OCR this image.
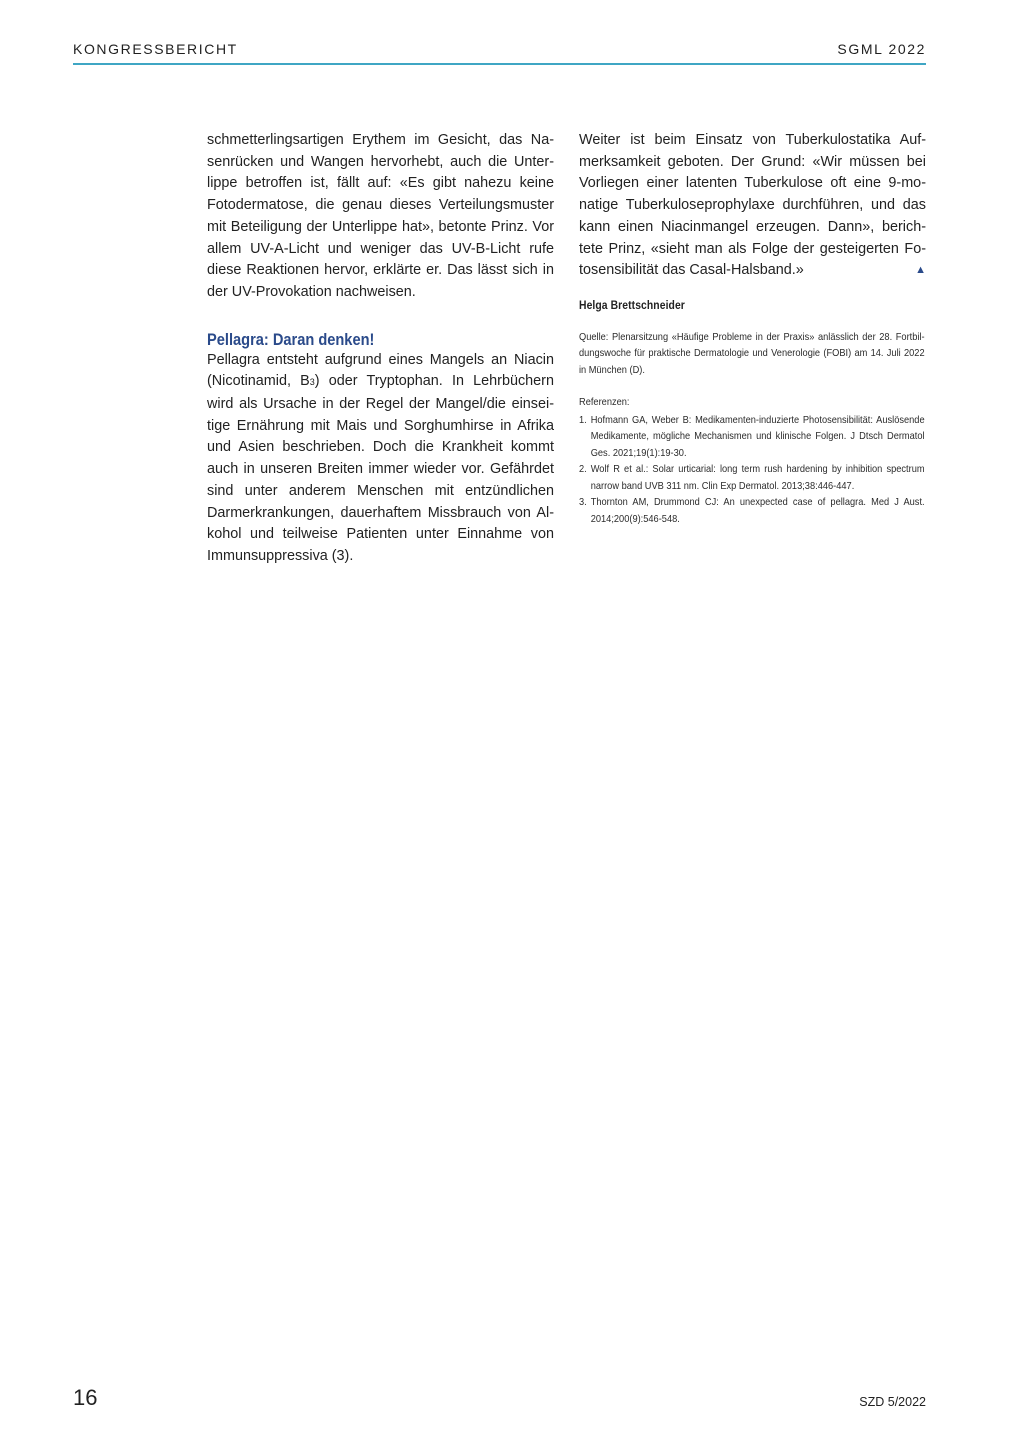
KONGRESSBERICHT	SGML 2022

schmetterlingsartigen Erythem im Gesicht, das Nasenrücken und Wangen hervorhebt, auch die Unterlippe betroffen ist, fällt auf: «Es gibt nahezu keine Fotodermatose, die genau dieses Verteilungsmuster mit Beteiligung der Unterlippe hat», betonte Prinz. Vor allem UV-A-Licht und weniger das UV-B-Licht rufe diese Reaktionen hervor, erklärte er. Das lässt sich in der UV-Provokation nachweisen.

Pellagra: Daran denken!

Pellagra entsteht aufgrund eines Mangels an Niacin (Nicotinamid, B3) oder Tryptophan. In Lehrbüchern wird als Ursache in der Regel der Mangel/die einseitige Ernährung mit Mais und Sorghumhirse in Afrika und Asien beschrieben. Doch die Krankheit kommt auch in unseren Breiten immer wieder vor. Gefährdet sind unter anderem Menschen mit entzündlichen Darmerkrankungen, dauerhaftem Missbrauch von Alkohol und teilweise Patienten unter Einnahme von Immunsuppressiva (3).

Weiter ist beim Einsatz von Tuberkulostatika Aufmerksamkeit geboten. Der Grund: «Wir müssen bei Vorliegen einer latenten Tuberkulose oft eine 9-monatige Tuberkuloseprophylaxe durchführen, und das kann einen Niacinmangel erzeugen. Dann», berichtete Prinz, «sieht man als Folge der gesteigerten Fotosensibilität das Casal-Halsband.»	▲

Helga Brettschneider

Quelle: Plenarsitzung «Häufige Probleme in der Praxis» anlässlich der 28. Fortbildungswoche für praktische Dermatologie und Venerologie (FOBI) am 14. Juli 2022 in München (D).

Referenzen:

1. Hofmann GA, Weber B: Medikamenten-induzierte Photosensibilität: Auslösende Medikamente, mögliche Mechanismen und klinische Folgen. J Dtsch Dermatol Ges. 2021;19(1):19-30.
2. Wolf R et al.: Solar urticarial: long term rush hardening by inhibition spectrum narrow band UVB 311 nm. Clin Exp Dermatol. 2013;38:446-447.
3. Thornton AM, Drummond CJ: An unexpected case of pellagra. Med J Aust. 2014;200(9):546-548.
16	SZD 5/2022
